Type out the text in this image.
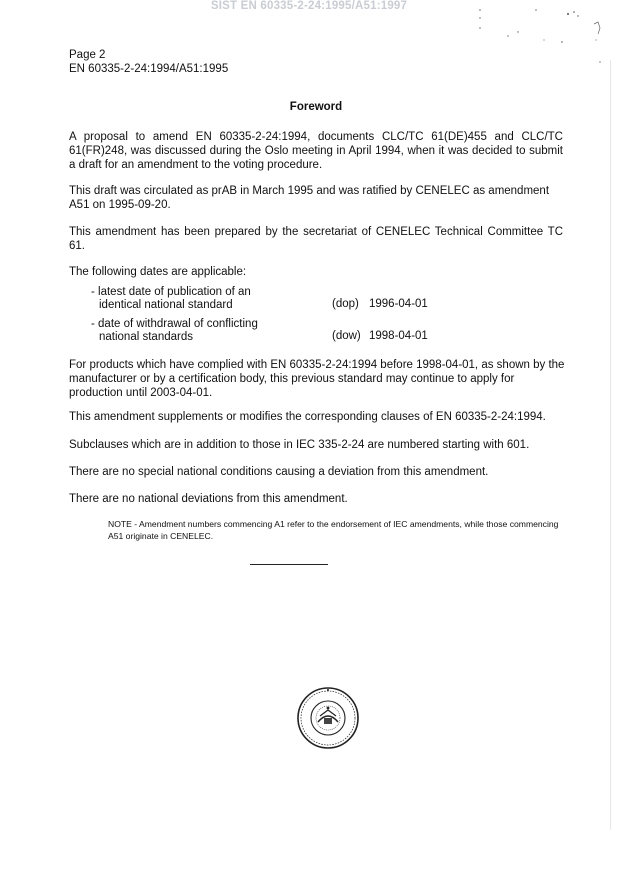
SIST EN 60335-2-24:1995/A51:1997
Page 2
EN 60335-2-24:1994/A51:1995
Foreword
A proposal to amend EN 60335-2-24:1994, documents CLC/TC 61(DE)455 and CLC/TC 61(FR)248, was discussed during the Oslo meeting in April 1994, when it was decided to submit a draft for an amendment to the voting procedure.
This draft was circulated as prAB in March 1995 and was ratified by CENELEC as amendment A51 on 1995-09-20.
This amendment has been prepared by the secretariat of CENELEC Technical Committee TC 61.
The following dates are applicable:
- latest date of publication of an
identical national standard	(dop) 1996-04-01
- date of withdrawal of conflicting
national standards	(dow) 1998-04-01
For products which have complied with EN 60335-2-24:1994 before 1998-04-01, as shown by the manufacturer or by a certification body, this previous standard may continue to apply for production until 2003-04-01.
This amendment supplements or modifies the corresponding clauses of EN 60335-2-24:1994.
Subclauses which are in addition to those in IEC 335-2-24 are numbered starting with 601.
There are no special national conditions causing a deviation from this amendment.
There are no national deviations from this amendment.
NOTE - Amendment numbers commencing A1 refer to the endorsement of IEC amendments, while those commencing A51 originate in CENELEC.
